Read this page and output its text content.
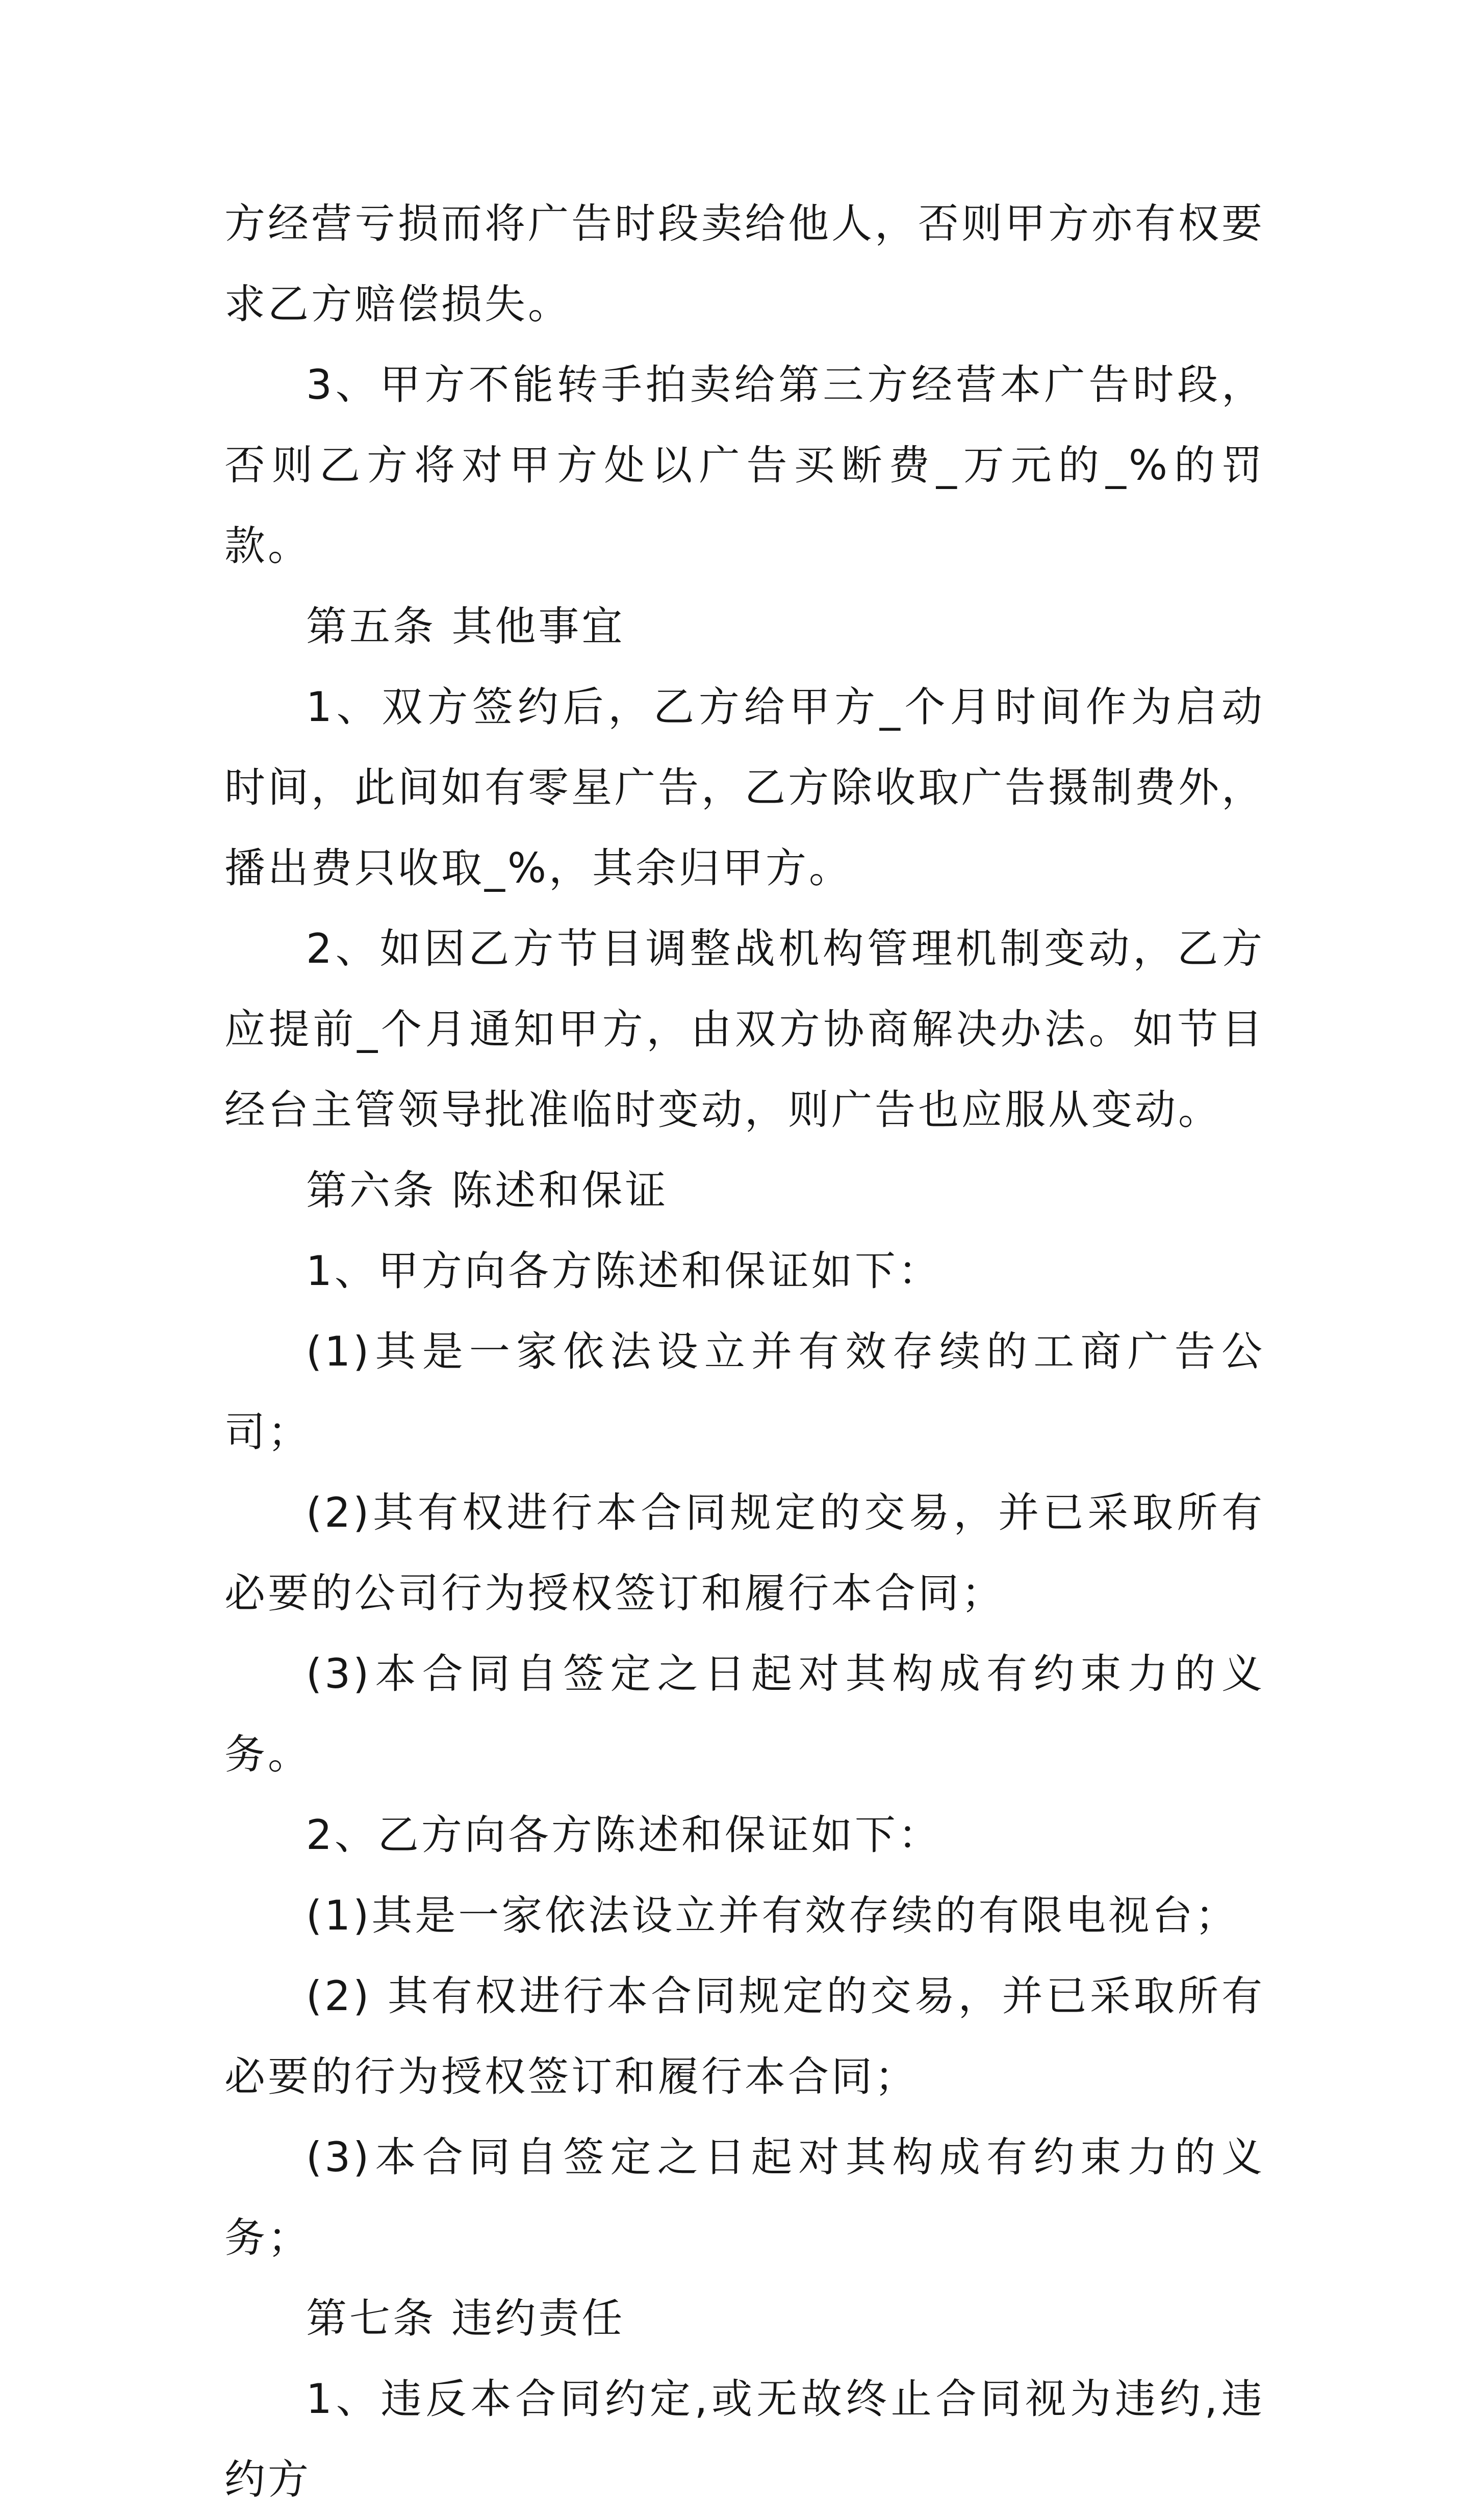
方经营亏损而将广告时段卖给他人，否则甲方亦有权要求乙方赔偿损失。

3、甲方不能转手拍卖给第三方经营本广告时段，否则乙方将对甲方处以广告买断费_万元的_%的罚款。

第五条 其他事宜

1、双方签约后，乙方给甲方_个月时间作为启动时间，此间如有零星广告，乙方除收取广告摄制费外，播出费只收取_%，其余归甲方。

2、如因乙方节目调整战机构管理机制变动，乙方应提前_个月通知甲方，由双方协商解决办法。如节目经台主管领导批准临时变动，则广告也应服从变动。

第六条 陈述和保证

1、甲方向各方陈述和保证如下：

(1)其是一家依法设立并有效存续的工商广告公司；

(2)其有权进行本合同规定的交易，并已采取所有必要的公司行为授权签订和履行本合同；

(3)本合同自签定之日起对其构成有约束力的义务。

2、乙方向各方陈述和保证如下：

(1)其是一家依法设立并有效存续的有限电视台；

(2) 其有权进行本合同规定的交易，并已采取所有必要的行为授权签订和履行本合同；

(3)本合同自签定之日起对其构成有约束力的义务；

第七条 违约责任

1、违反本合同约定,或无故终止合同视为违约,违约方
